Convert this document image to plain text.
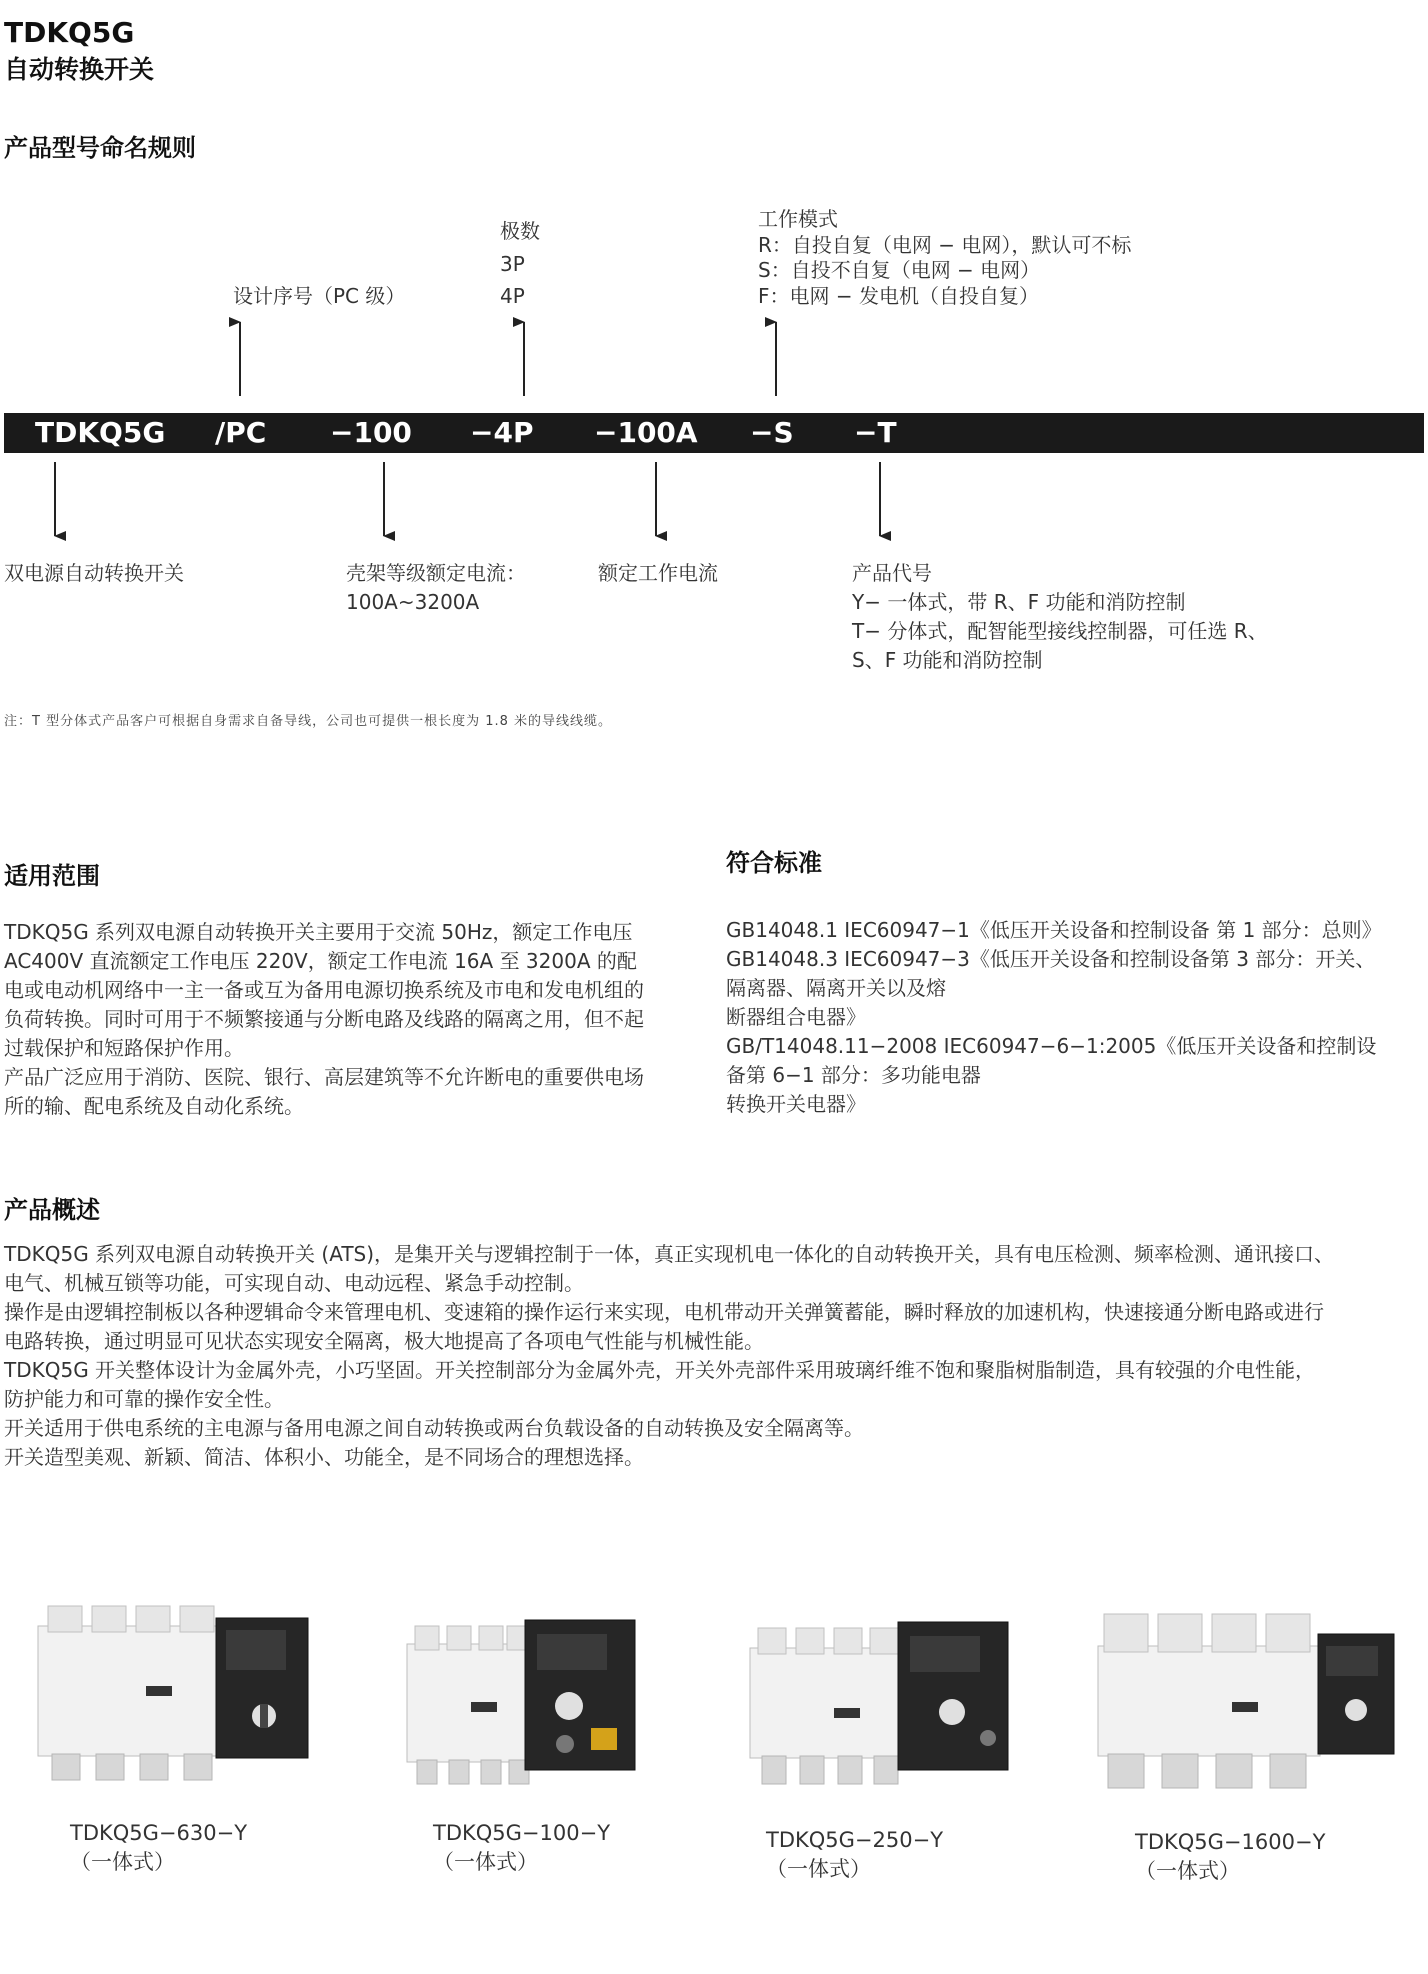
TDKQ5G
自动转换开关
产品型号命名规则
设计序号（PC 级）
极数
3P
4P
工作模式
R：自投自复（电网 − 电网），默认可不标
S：自投不自复（电网 − 电网）
F：电网 − 发电机（自投自复）
TDKQ5G /PC −100 −4P −100A −S −T
双电源自动转换开关	壳架等级额定电流：
100A~3200A
额定工作电流	产品代号
Y− 一体式，带 R、F 功能和消防控制
T− 分体式，配智能型接线控制器，可任选 R、
S、F 功能和消防控制
注：T 型分体式产品客户可根据自身需求自备导线，公司也可提供一根长度为 1.8 米的导线线缆。
适用范围

TDKQ5G 系列双电源自动转换开关主要用于交流 50Hz，额定工作电压

AC400V 直流额定工作电压 220V，额定工作电流 16A 至 3200A 的配

电或电动机网络中一主一备或互为备用电源切换系统及市电和发电机组的

负荷转换。同时可用于不频繁接通与分断电路及线路的隔离之用，但不起

过载保护和短路保护作用。

产品广泛应用于消防、医院、银行、高层建筑等不允许断电的重要供电场

所的输、配电系统及自动化系统。

符合标准

GB14048.1 IEC60947−1《低压开关设备和控制设备 第 1 部分：总则》

GB14048.3 IEC60947−3《低压开关设备和控制设备第 3 部分：开关、

隔离器、隔离开关以及熔

断器组合电器》

GB/T14048.11−2008 IEC60947−6−1:2005《低压开关设备和控制设

备第 6−1 部分：多功能电器

转换开关电器》

产品概述

TDKQ5G 系列双电源自动转换开关 (ATS)，是集开关与逻辑控制于一体，真正实现机电一体化的自动转换开关，具有电压检测、频率检测、通讯接口、

电气、机械互锁等功能，可实现自动、电动远程、紧急手动控制。

操作是由逻辑控制板以各种逻辑命令来管理电机、变速箱的操作运行来实现，电机带动开关弹簧蓄能，瞬时释放的加速机构，快速接通分断电路或进行

电路转换，通过明显可见状态实现安全隔离，极大地提高了各项电气性能与机械性能。

TDKQ5G 开关整体设计为金属外壳，小巧坚固。开关控制部分为金属外壳，开关外壳部件采用玻璃纤维不饱和聚脂树脂制造，具有较强的介电性能，

防护能力和可靠的操作安全性。

开关适用于供电系统的主电源与备用电源之间自动转换或两台负载设备的自动转换及安全隔离等。

开关造型美观、新颖、简洁、体积小、功能全，是不同场合的理想选择。

TDKQ5G−630−Y
（一体式）
TDKQ5G−100−Y
（一体式）
TDKQ5G−250−Y
（一体式）
TDKQ5G−1600−Y
（一体式）
